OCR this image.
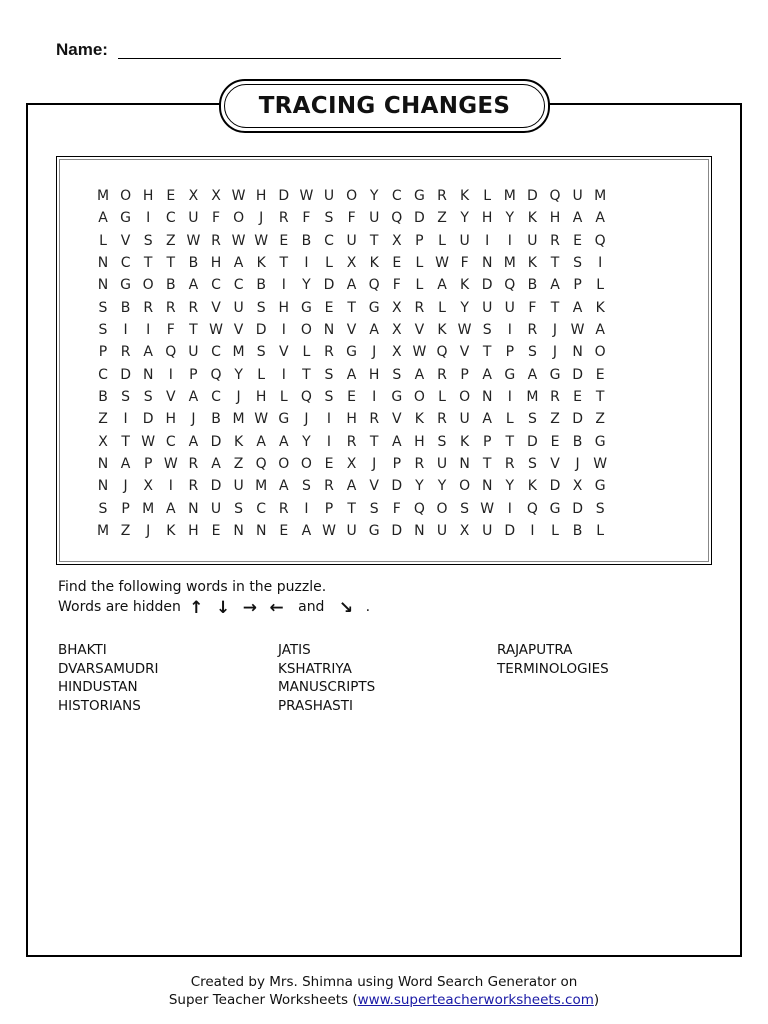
Name:
TRACING CHANGES
M O H E X X W H D W U O Y C G R K	L M D Q U M
A G	I	C U F O	J	R F	S	F U Q D Z Y H Y K H A A
L V S Z W R W W E B C U T X P	L U	I	I	U R E Q
N C T	T B H A K T	I	L X K E	L W F N M K T S	I
N G O B A C C B	I	Y D A Q F	L A K D Q B A P	L
S B R R R V U S H G E T G X R L	Y U U F	T A K
S	I	I	F	T W V D	I	O N V A X V K W S	I	R	J W A
P R A Q U C M S V L R G	J	X W Q V T	P S	J	N O
C D N	I	P Q Y	L	I	T S A H S A R P A G A G D E
B S S V A C	J	H L Q S E	I	G O L O N	I	M R E T
Z	I	D H	J	B M W G	J	I	H R V K R U A L	S Z D Z
X T W C A D K A A Y	I	R T A H S K P	T D E B G
N A P W R A Z Q O O E X	J	P R U N T R S V	J W
N	J	X	I	R D U M A S R A V D Y	Y O N Y K D X G
S P M A N U S C R	I	P	T S	F Q O S W I	Q G D S
M Z	J	K H E N N E A W U G D N U X U D	I	L B L
Find the following words in the puzzle.
Words are hidden ↑ ↓ → ← and ↘ .
BHAKTI
DVARSAMUDRI
HINDUSTAN
HISTORIANS
JATIS
KSHATRIYA
MANUSCRIPTS
PRASHASTI
RAJAPUTRA
TERMINOLOGIES
Created by Mrs. Shimna using Word Search Generator on
Super Teacher Worksheets (www.superteacherworksheets.com)
